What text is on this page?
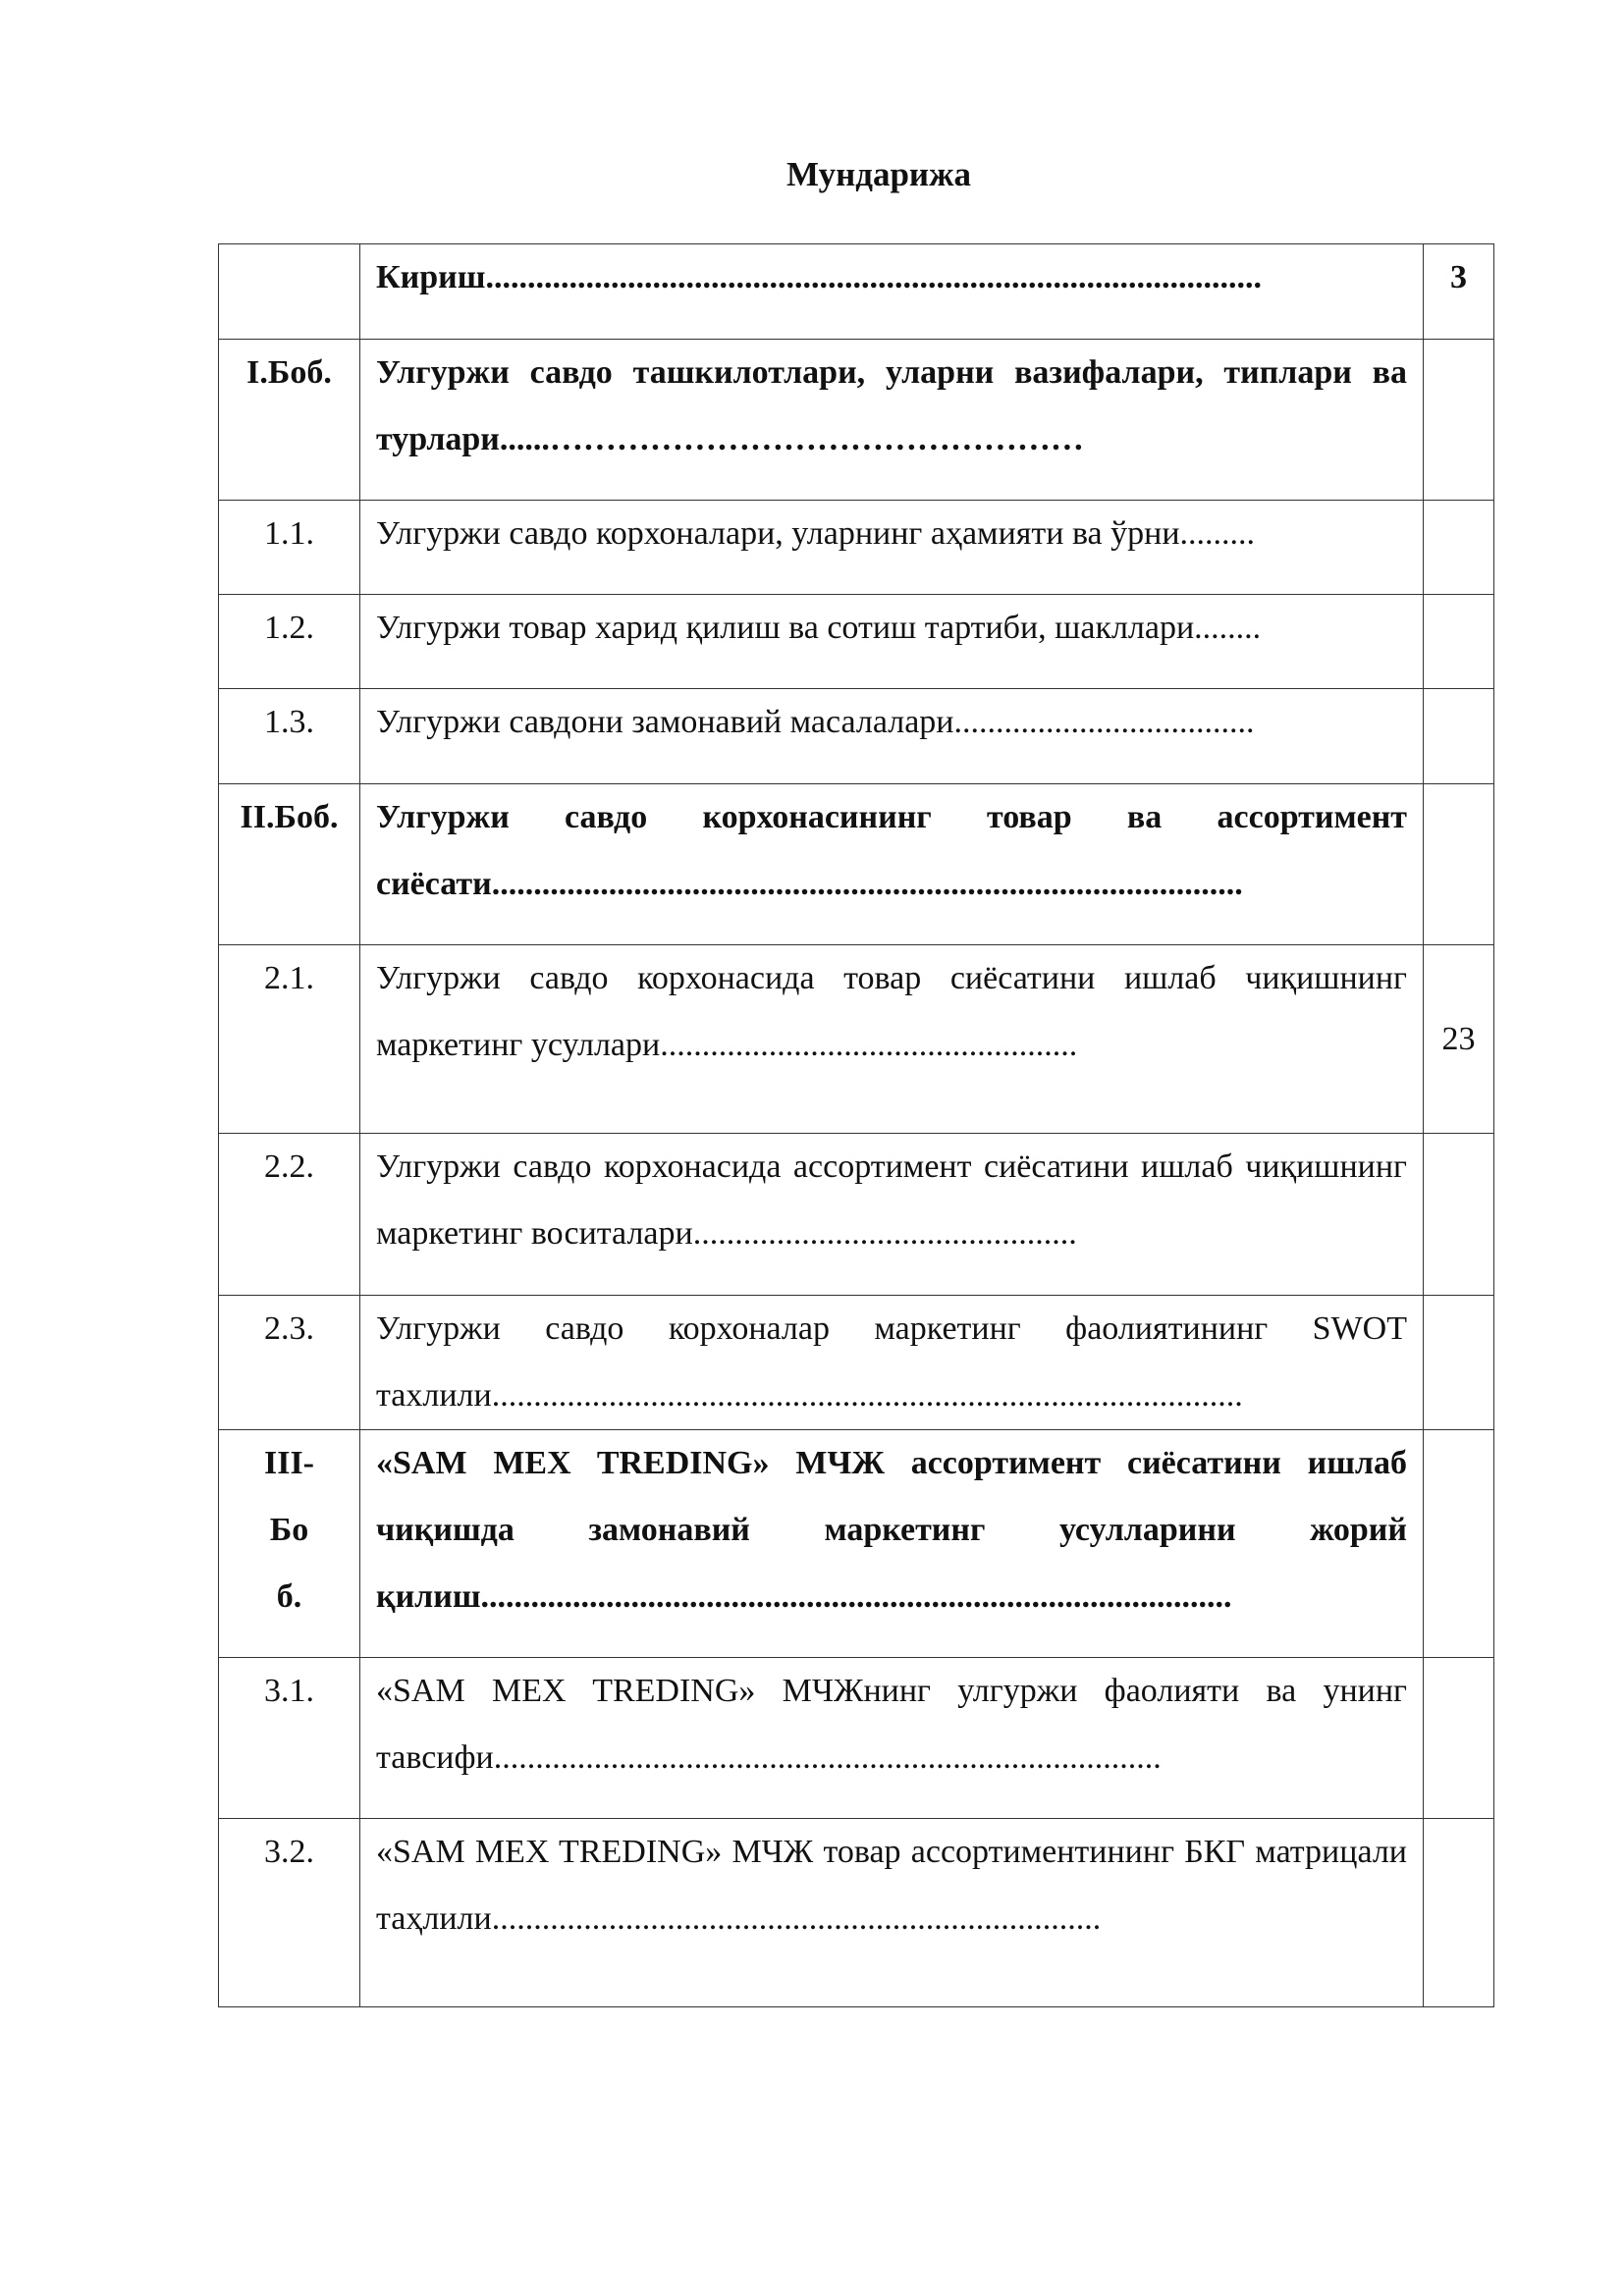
Мундарижа
	Кириш.............................................................................................	3
I.Боб.	Улгуржи савдо ташкилотлари, уларни вазифалари, типлари ва турлари......…………………………………………	
1.1.	Улгуржи савдо корхоналари, уларнинг аҳамияти ва ўрни.........	
1.2.	Улгуржи товар харид қилиш ва сотиш тартиби, шакллари........	
1.3.	Улгуржи савдони замонавий масалалари....................................	
II.Боб.	Улгуржи савдо корхонасининг товар ва ассортимент сиёсати..........................................................................................	
2.1.	Улгуржи савдо корхонасида товар сиёсатини ишлаб чиқишнинг маркетинг усуллари..................................................	23
2.2.	Улгуржи савдо корхонасида ассортимент сиёсатини ишлаб чиқишнинг маркетинг воситалари..............................................	
2.3.	Улгуржи савдо корхоналар маркетинг фаолиятининг SWOT тахлили..........................................................................................	
III-Боб.	«SAM MEX TREDING» МЧЖ ассортимент сиёсатини ишлаб чиқишда замонавий маркетинг усулларини жорий қилиш..........................................................................................	
3.1.	«SAM MEX TREDING» МЧЖнинг улгуржи фаолияти ва унинг тавсифи................................................................................	
3.2.	«SAM MEX TREDING» МЧЖ товар ассортиментининг БКГ матрицали таҳлили.........................................................................	
